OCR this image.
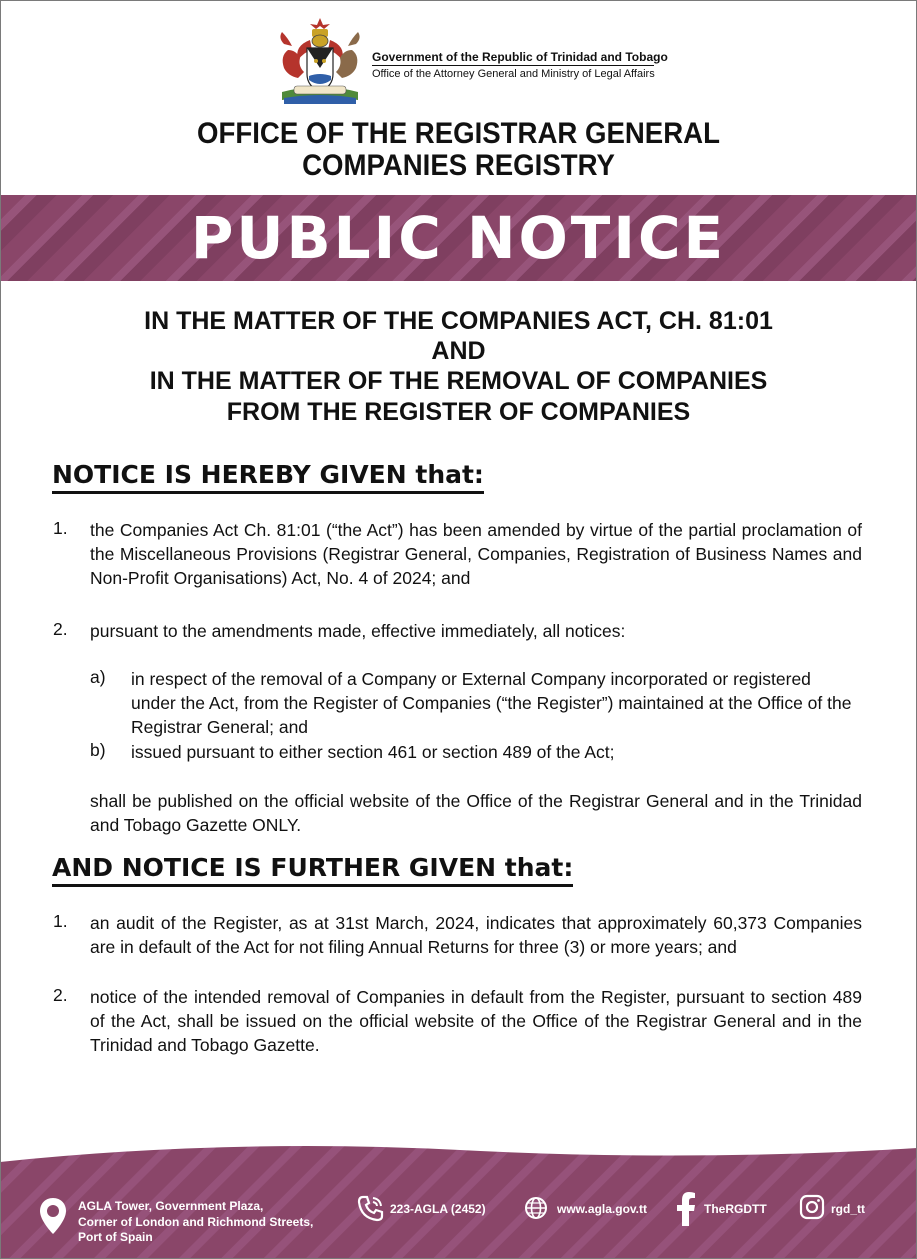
Government of the Republic of Trinidad and Tobago
Office of the Attorney General and Ministry of Legal Affairs
OFFICE OF THE REGISTRAR GENERAL
COMPANIES REGISTRY
PUBLIC NOTICE
IN THE MATTER OF THE COMPANIES ACT, CH. 81:01
AND
IN THE MATTER OF THE REMOVAL OF COMPANIES
FROM THE REGISTER OF COMPANIES
NOTICE IS HEREBY GIVEN that:
1. the Companies Act Ch. 81:01 (“the Act”) has been amended by virtue of the partial proclamation of the Miscellaneous Provisions (Registrar General, Companies, Registration of Business Names and Non-Profit Organisations) Act, No. 4 of 2024; and
2. pursuant to the amendments made, effective immediately, all notices:
a) in respect of the removal of a Company or External Company incorporated or registered under the Act, from the Register of Companies (“the Register”) maintained at the Office of the Registrar General; and
b) issued pursuant to either section 461 or section 489 of the Act;
shall be published on the official website of the Office of the Registrar General and in the Trinidad and Tobago Gazette ONLY.
AND NOTICE IS FURTHER GIVEN that:
1. an audit of the Register, as at 31st March, 2024, indicates that approximately 60,373 Companies are in default of the Act for not filing Annual Returns for three (3) or more years; and
2. notice of the intended removal of Companies in default from the Register, pursuant to section 489 of the Act, shall be issued on the official website of the Office of the Registrar General and in the Trinidad and Tobago Gazette.
AGLA Tower, Government Plaza,
Corner of London and Richmond Streets,
Port of Spain
223-AGLA (2452)	www.agla.gov.tt	TheRGDTT	rgd_tt
